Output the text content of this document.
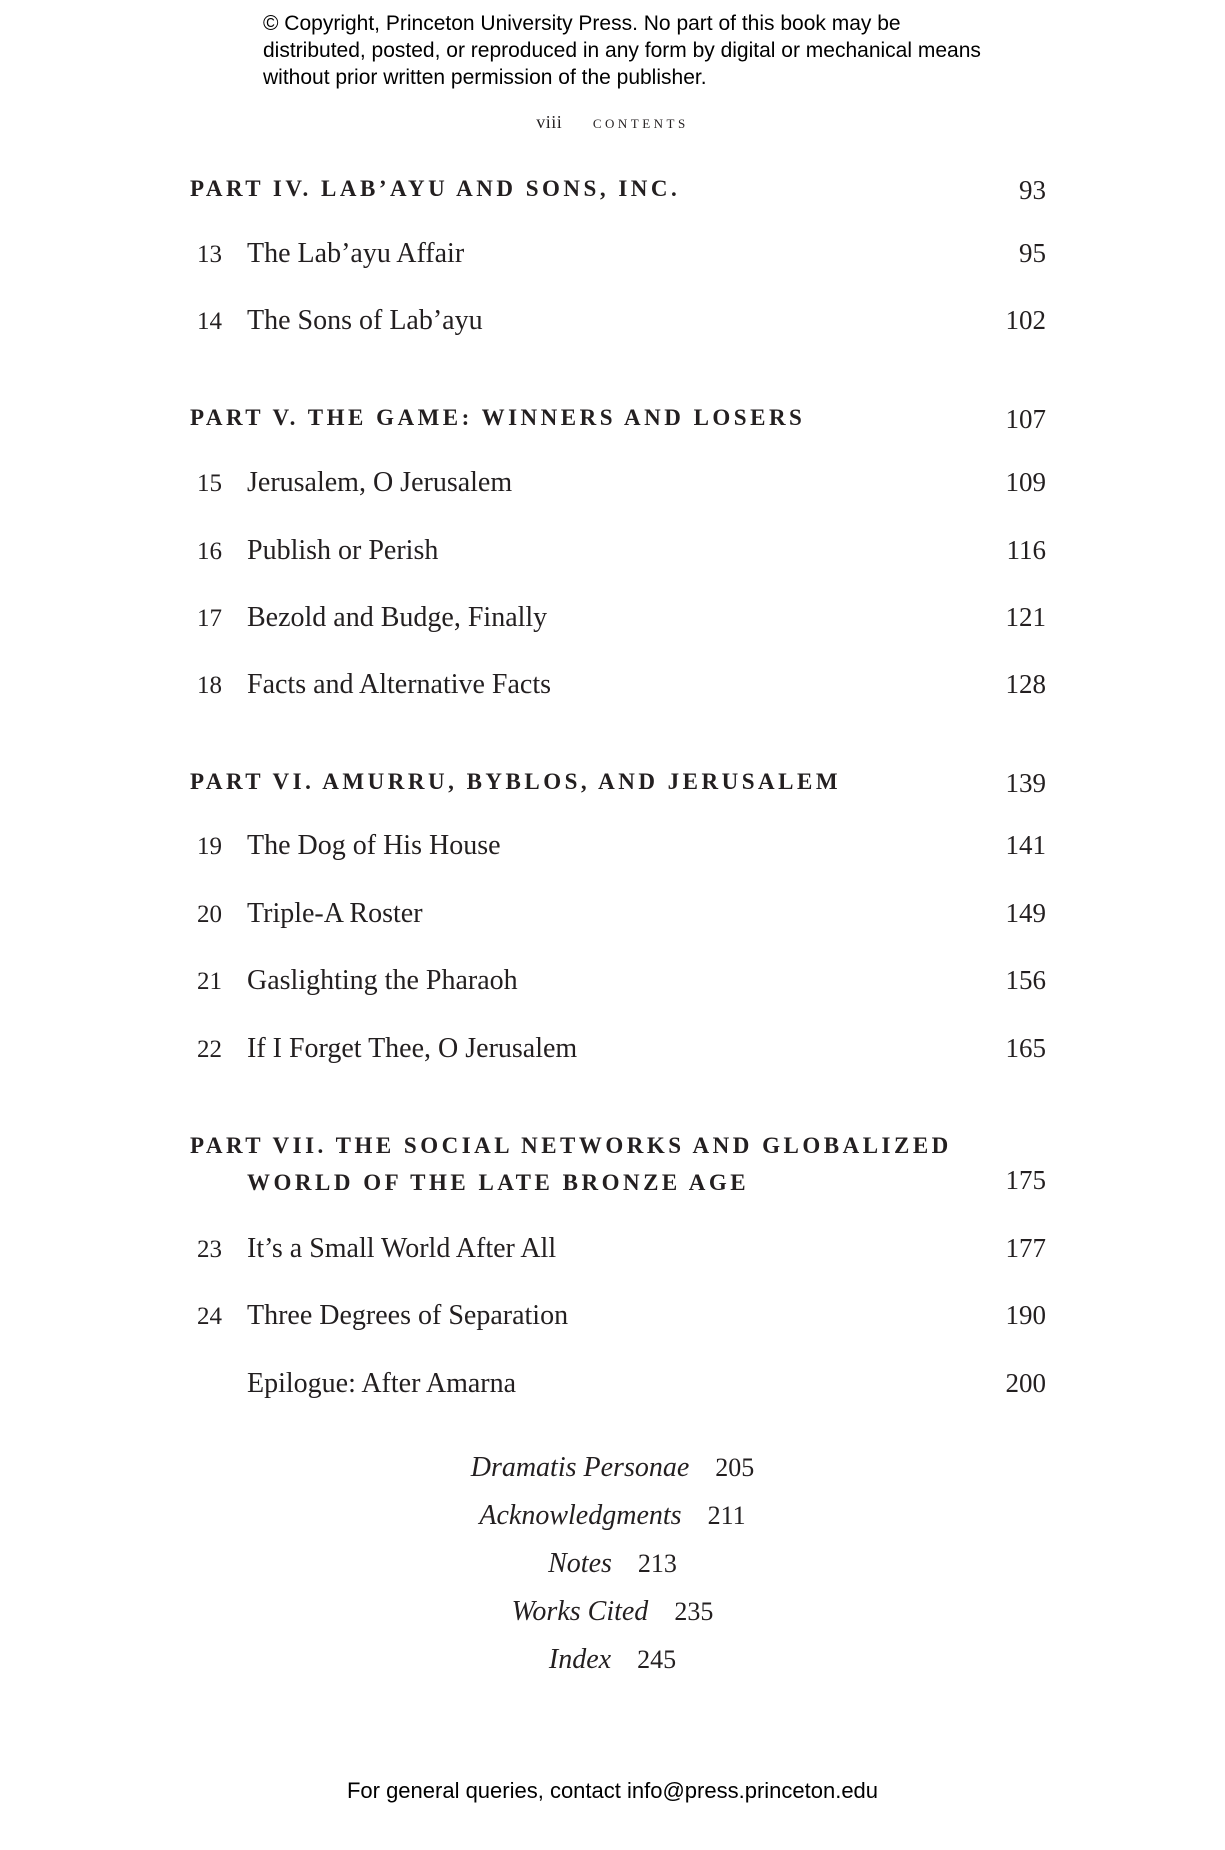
© Copyright, Princeton University Press. No part of this book may be distributed, posted, or reproduced in any form by digital or mechanical means without prior written permission of the publisher.
viii contents
PART IV. LAB’AYU AND SONS, INC.	93
13 The Lab’ayu Affair	95
14 The Sons of Lab’ayu	102
PART V. THE GAME: WINNERS AND LOSERS	107
15 Jerusalem, O Jerusalem	109
16 Publish or Perish	116
17 Bezold and Budge, Finally	121
18 Facts and Alternative Facts	128
PART VI. AMURRU, BYBLOS, AND JERUSALEM	139
19 The Dog of His House	141
20 Triple-A Roster	149
21 Gaslighting the Pharaoh	156
22 If I Forget Thee, O Jerusalem	165
PART VII. THE SOCIAL NETWORKS AND GLOBALIZED
WORLD OF THE LATE BRONZE AGE	175
23 It’s a Small World After All	177
24 Three Degrees of Separation	190
Epilogue: After Amarna	200
Dramatis Personae 205
Acknowledgments 211
Notes 213
Works Cited 235
Index 245
For general queries, contact info@press.princeton.edu
